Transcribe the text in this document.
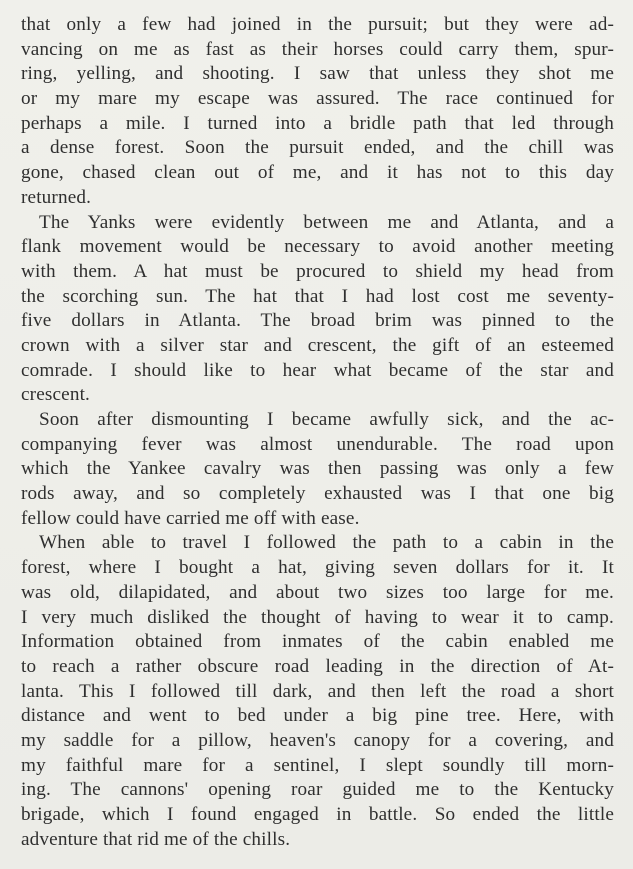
that only a few had joined in the pursuit; but they were ad-
vancing on me as fast as their horses could carry them, spur-
ring, yelling, and shooting. I saw that unless they shot me
or my mare my escape was assured. The race continued for
perhaps a mile. I turned into a bridle path that led through
a dense forest. Soon the pursuit ended, and the chill was
gone, chased clean out of me, and it has not to this day
returned.
The Yanks were evidently between me and Atlanta, and a
flank movement would be necessary to avoid another meeting
with them. A hat must be procured to shield my head from
the scorching sun. The hat that I had lost cost me seventy-
five dollars in Atlanta. The broad brim was pinned to the
crown with a silver star and crescent, the gift of an esteemed
comrade. I should like to hear what became of the star and
crescent.
Soon after dismounting I became awfully sick, and the ac-
companying fever was almost unendurable. The road upon
which the Yankee cavalry was then passing was only a few
rods away, and so completely exhausted was I that one big
fellow could have carried me off with ease.
When able to travel I followed the path to a cabin in the
forest, where I bought a hat, giving seven dollars for it. It
was old, dilapidated, and about two sizes too large for me.
I very much disliked the thought of having to wear it to camp.
Information obtained from inmates of the cabin enabled me
to reach a rather obscure road leading in the direction of At-
lanta. This I followed till dark, and then left the road a short
distance and went to bed under a big pine tree. Here, with
my saddle for a pillow, heaven's canopy for a covering, and
my faithful mare for a sentinel, I slept soundly till morn-
ing. The cannons' opening roar guided me to the Kentucky
brigade, which I found engaged in battle. So ended the little
adventure that rid me of the chills.
